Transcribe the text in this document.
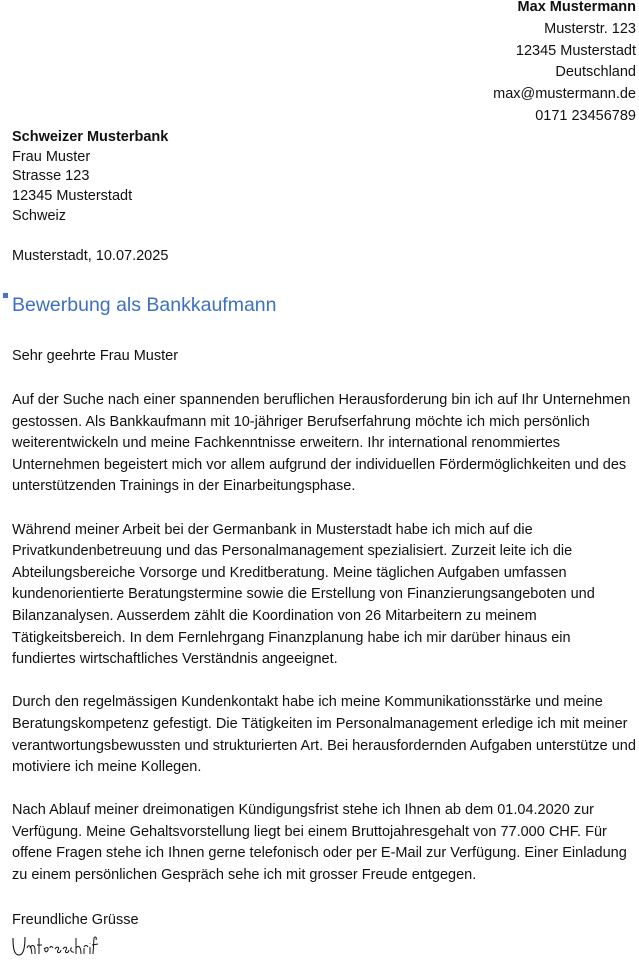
Max Mustermann
Musterstr. 123
12345 Musterstadt
Deutschland
max@mustermann.de
0171 23456789
Schweizer Musterbank
Frau Muster
Strasse 123
12345 Musterstadt
Schweiz
Musterstadt, 10.07.2025
Bewerbung als Bankkaufmann
Sehr geehrte Frau Muster

Auf der Suche nach einer spannenden beruflichen Herausforderung bin ich auf Ihr Unternehmen gestossen. Als Bankkaufmann mit 10-jähriger Berufserfahrung möchte ich mich persönlich weiterentwickeln und meine Fachkenntnisse erweitern. Ihr international renommiertes Unternehmen begeistert mich vor allem aufgrund der individuellen Fördermöglichkeiten und des unterstützenden Trainings in der Einarbeitungsphase.

Während meiner Arbeit bei der Germanbank in Musterstadt habe ich mich auf die Privatkundenbetreuung und das Personalmanagement spezialisiert. Zurzeit leite ich die Abteilungsbereiche Vorsorge und Kreditberatung. Meine täglichen Aufgaben umfassen kundenorientierte Beratungstermine sowie die Erstellung von Finanzierungsangeboten und Bilanzanalysen. Ausserdem zählt die Koordination von 26 Mitarbeitern zu meinem Tätigkeitsbereich. In dem Fernlehrgang Finanzplanung habe ich mir darüber hinaus ein fundiertes wirtschaftliches Verständnis angeeignet.

Durch den regelmässigen Kundenkontakt habe ich meine Kommunikationsstärke und meine Beratungskompetenz gefestigt. Die Tätigkeiten im Personalmanagement erledige ich mit meiner verantwortungsbewussten und strukturierten Art. Bei herausfordernden Aufgaben unterstütze und motiviere ich meine Kollegen.

Nach Ablauf meiner dreimonatigen Kündigungsfrist stehe ich Ihnen ab dem 01.04.2020 zur Verfügung. Meine Gehaltsvorstellung liegt bei einem Bruttojahresgehalt von 77.000 CHF. Für offene Fragen stehe ich Ihnen gerne telefonisch oder per E-Mail zur Verfügung. Einer Einladung zu einem persönlichen Gespräch sehe ich mit grosser Freude entgegen.

Freundliche Grüsse
